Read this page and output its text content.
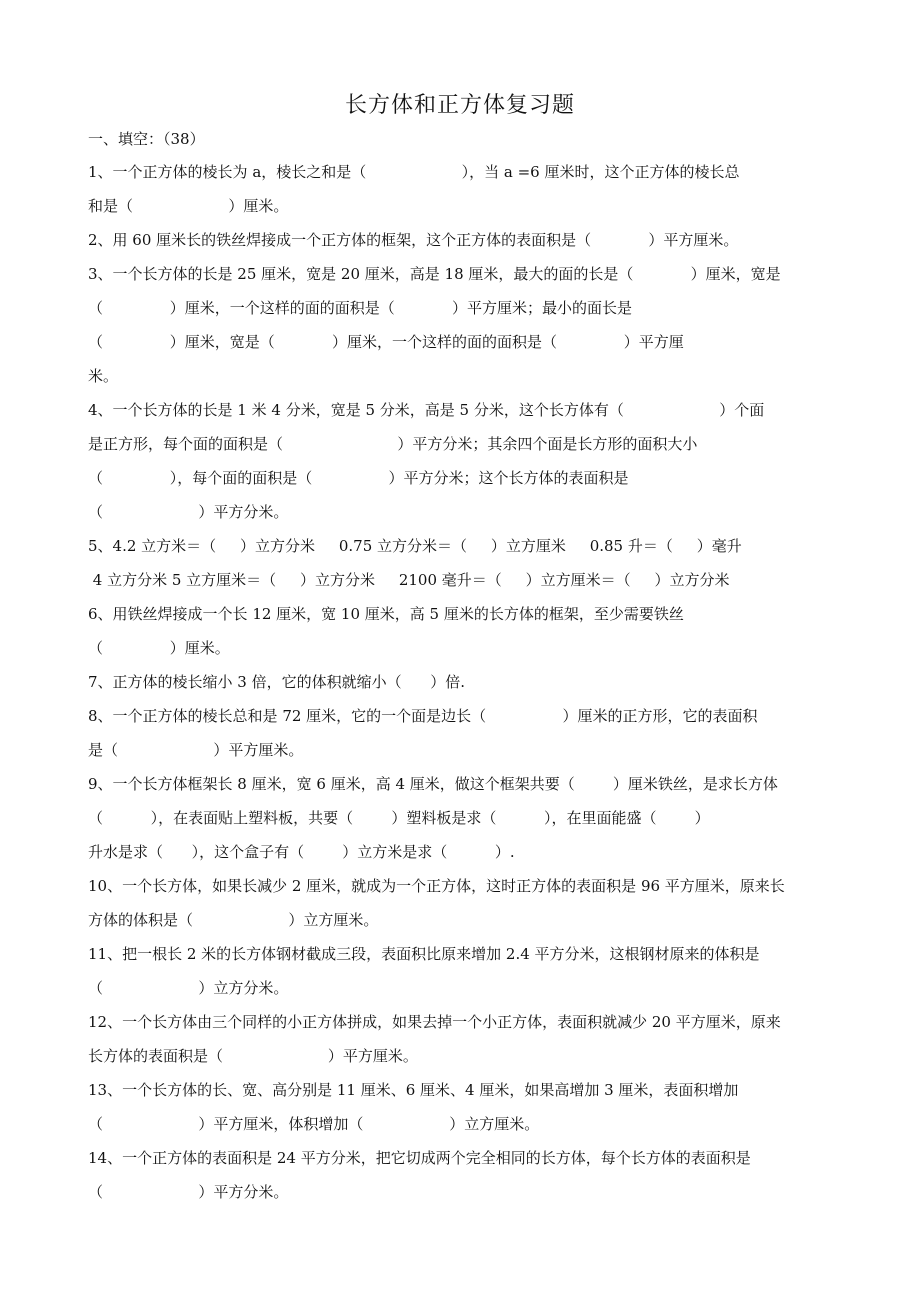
长方体和正方体复习题
一、填空：（38）
1、一个正方体的棱长为 a，棱长之和是（                    ），当 a =6 厘米时，这个正方体的棱长总
和是（                    ）厘米。
2、用 60 厘米长的铁丝焊接成一个正方体的框架，这个正方体的表面积是（            ）平方厘米。
3、一个长方体的长是 25 厘米，宽是 20 厘米，高是 18 厘米，最大的面的长是（            ）厘米，宽是
（              ）厘米，一个这样的面的面积是（            ）平方厘米；最小的面长是
（              ）厘米，宽是（            ）厘米，一个这样的面的面积是（              ）平方厘
米。
4、一个长方体的长是 1 米 4 分米，宽是 5 分米，高是 5 分米，这个长方体有（                    ）个面
是正方形，每个面的面积是（                        ）平方分米；其余四个面是长方形的面积大小
（              ），每个面的面积是（                ）平方分米；这个长方体的表面积是
（                    ）平方分米。
5、4.2 立方米＝（     ）立方分米     0.75 立方分米＝（     ）立方厘米     0.85 升＝（     ）毫升
4 立方分米 5 立方厘米＝（     ）立方分米     2100 毫升＝（     ）立方厘米＝（     ）立方分米
6、用铁丝焊接成一个长 12 厘米，宽 10 厘米，高 5 厘米的长方体的框架，至少需要铁丝
（              ）厘米。
7、正方体的棱长缩小 3 倍，它的体积就缩小（      ）倍.
8、一个正方体的棱长总和是 72 厘米，它的一个面是边长（                ）厘米的正方形，它的表面积
是（                    ）平方厘米。
9、一个长方体框架长 8 厘米，宽 6 厘米，高 4 厘米，做这个框架共要（        ）厘米铁丝，是求长方体
（          ），在表面贴上塑料板，共要（        ）塑料板是求（          ），在里面能盛（        ）
升水是求（      ），这个盒子有（        ）立方米是求（          ）.
10、一个长方体，如果长减少 2 厘米，就成为一个正方体，这时正方体的表面积是 96 平方厘米，原来长
方体的体积是（                    ）立方厘米。
11、把一根长 2 米的长方体钢材截成三段，表面积比原来增加 2.4 平方分米，这根钢材原来的体积是
（                    ）立方分米。
12、一个长方体由三个同样的小正方体拼成，如果去掉一个小正方体，表面积就减少 20 平方厘米，原来
长方体的表面积是（                      ）平方厘米。
13、一个长方体的长、宽、高分别是 11 厘米、6 厘米、4 厘米，如果高增加 3 厘米，表面积增加
（                    ）平方厘米，体积增加（                  ）立方厘米。
14、一个正方体的表面积是 24 平方分米，把它切成两个完全相同的长方体，每个长方体的表面积是
（                    ）平方分米。
